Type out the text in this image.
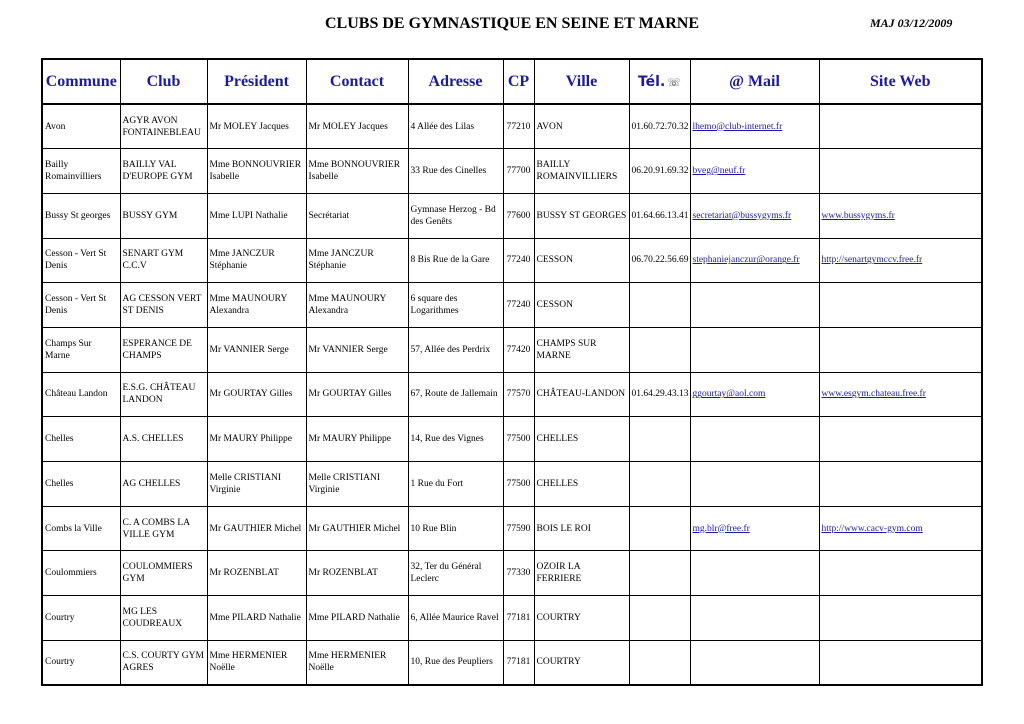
CLUBS DE GYMNASTIQUE EN SEINE ET MARNE	MAJ 03/12/2009
Commune	Club	Président	Contact	Adresse	CP	Ville	Tél. ☏	@ Mail	Site Web
Avon	AGYR AVON FONTAINEBLEAU	Mr MOLEY Jacques	Mr MOLEY Jacques	4 Allée des Lilas	77210	AVON	01.60.72.70.32	lhemo@club-internet.fr	
Bailly Romainvilliers	BAILLY VAL D'EUROPE GYM	Mme BONNOUVRIER Isabelle	Mme BONNOUVRIER Isabelle	33 Rue des Cinelles	77700	BAILLY ROMAINVILLIERS	06.20.91.69.32	bveg@neuf.fr	
Bussy St georges	BUSSY GYM	Mme LUPI Nathalie	Secrétariat	Gymnase Herzog - Bd des Genêts	77600	BUSSY ST GEORGES	01.64.66.13.41	secretariat@bussygyms.fr	www.bussygyms.fr
Cesson - Vert St Denis	SENART GYM C.C.V	Mme JANCZUR Stéphanie	Mme JANCZUR Stéphanie	8 Bis Rue de la Gare	77240	CESSON	06.70.22.56.69	stephaniejanczur@orange.fr	http://senartgymccv.free.fr
Cesson - Vert St Denis	AG CESSON VERT ST DENIS	Mme MAUNOURY Alexandra	Mme MAUNOURY Alexandra	6 square des Logarithmes	77240	CESSON			
Champs Sur Marne	ESPERANCE DE CHAMPS	Mr VANNIER Serge	Mr VANNIER Serge	57, Allée des Perdrix	77420	CHAMPS SUR MARNE			
Château Landon	E.S.G. CHÂTEAU LANDON	Mr GOURTAY Gilles	Mr GOURTAY Gilles	67, Route de Jallemain	77570	CHÂTEAU-LANDON	01.64.29.43.13	ggourtay@aol.com	www.esgym.chateau.free.fr
Chelles	A.S. CHELLES	Mr MAURY Philippe	Mr MAURY Philippe	14, Rue des Vignes	77500	CHELLES			
Chelles	AG CHELLES	Melle CRISTIANI Virginie	Melle CRISTIANI Virginie	1 Rue du Fort	77500	CHELLES			
Combs la Ville	C. A COMBS LA VILLE GYM	Mr GAUTHIER Michel	Mr GAUTHIER Michel	10 Rue Blin	77590	BOIS LE ROI		mg.blr@free.fr	http://www.cacv-gym.com
Coulommiers	COULOMMIERS GYM	Mr ROZENBLAT	Mr ROZENBLAT	32, Ter du Général Leclerc	77330	OZOIR LA FERRIERE			
Courtry	MG LES COUDREAUX	Mme PILARD Nathalie	Mme PILARD Nathalie	6, Allée Maurice Ravel	77181	COURTRY			
Courtry	C.S. COURTY GYM AGRES	Mme HERMENIER Noëlle	Mme HERMENIER Noëlle	10, Rue des Peupliers	77181	COURTRY			
